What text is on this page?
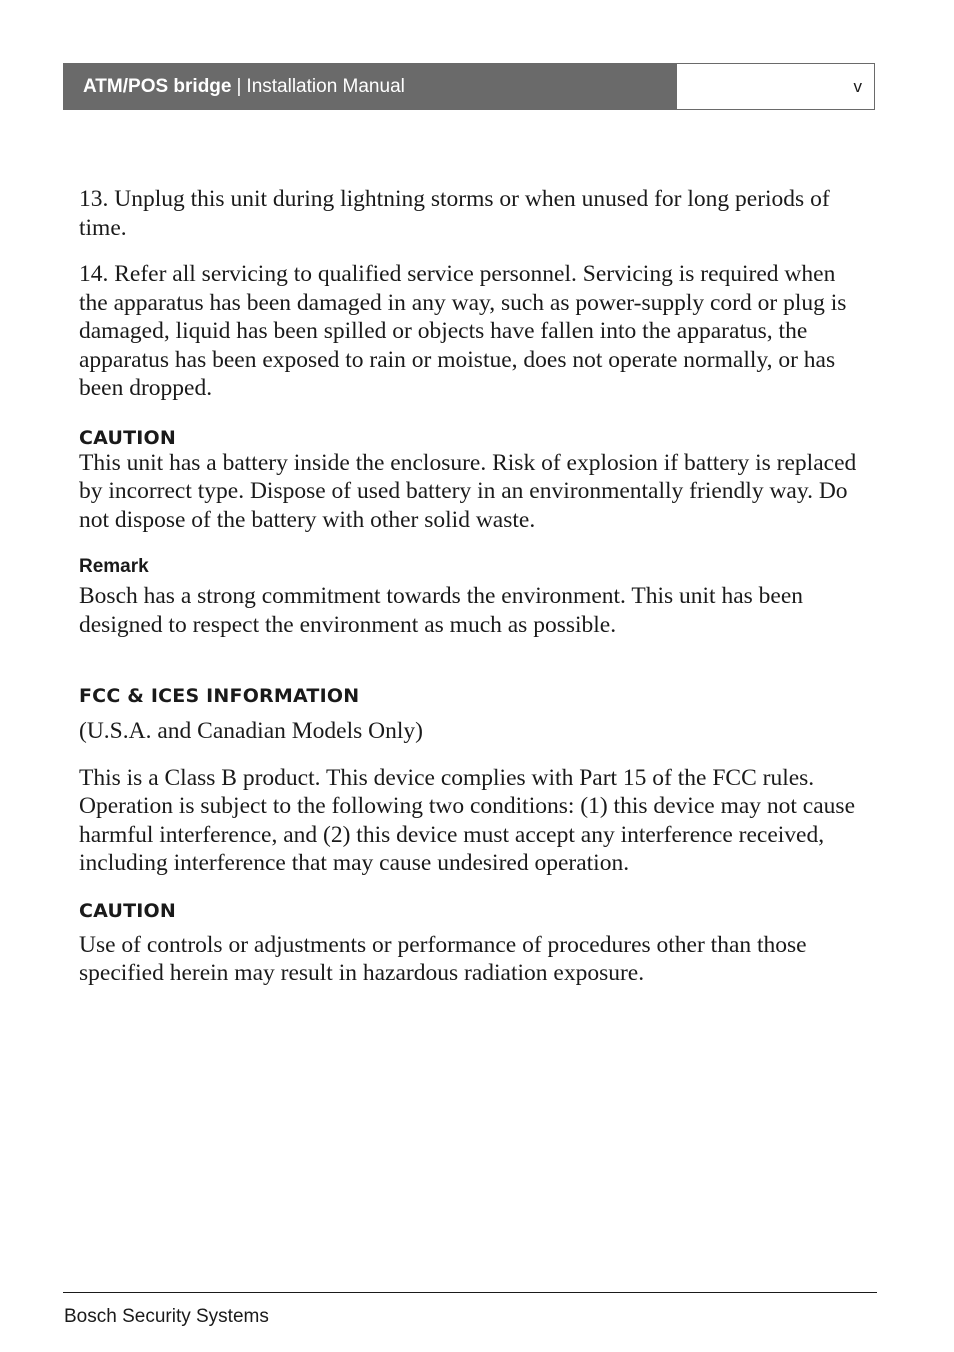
ATM/POS bridge | Installation Manual	v

13. Unplug this unit during lightning storms or when unused for long periods of time.

14. Refer all servicing to qualified service personnel. Servicing is required when the apparatus has been damaged in any way, such as power-supply cord or plug is damaged, liquid has been spilled or objects have fallen into the apparatus, the apparatus has been exposed to rain or moistue, does not operate normally, or has been dropped.

CAUTION

This unit has a battery inside the enclosure. Risk of explosion if battery is replaced by incorrect type. Dispose of used battery in an environmentally friendly way. Do not dispose of the battery with other solid waste.

Remark

Bosch has a strong commitment towards the environment. This unit has been designed to respect the environment as much as possible.

FCC & ICES INFORMATION

(U.S.A. and Canadian Models Only)

This is a Class B product. This device complies with Part 15 of the FCC rules. Operation is subject to the following two conditions: (1) this device may not cause harmful interference, and (2) this device must accept any interference received, including interference that may cause undesired operation.

CAUTION

Use of controls or adjustments or performance of procedures other than those specified herein may result in hazardous radiation exposure.

Bosch Security Systems
